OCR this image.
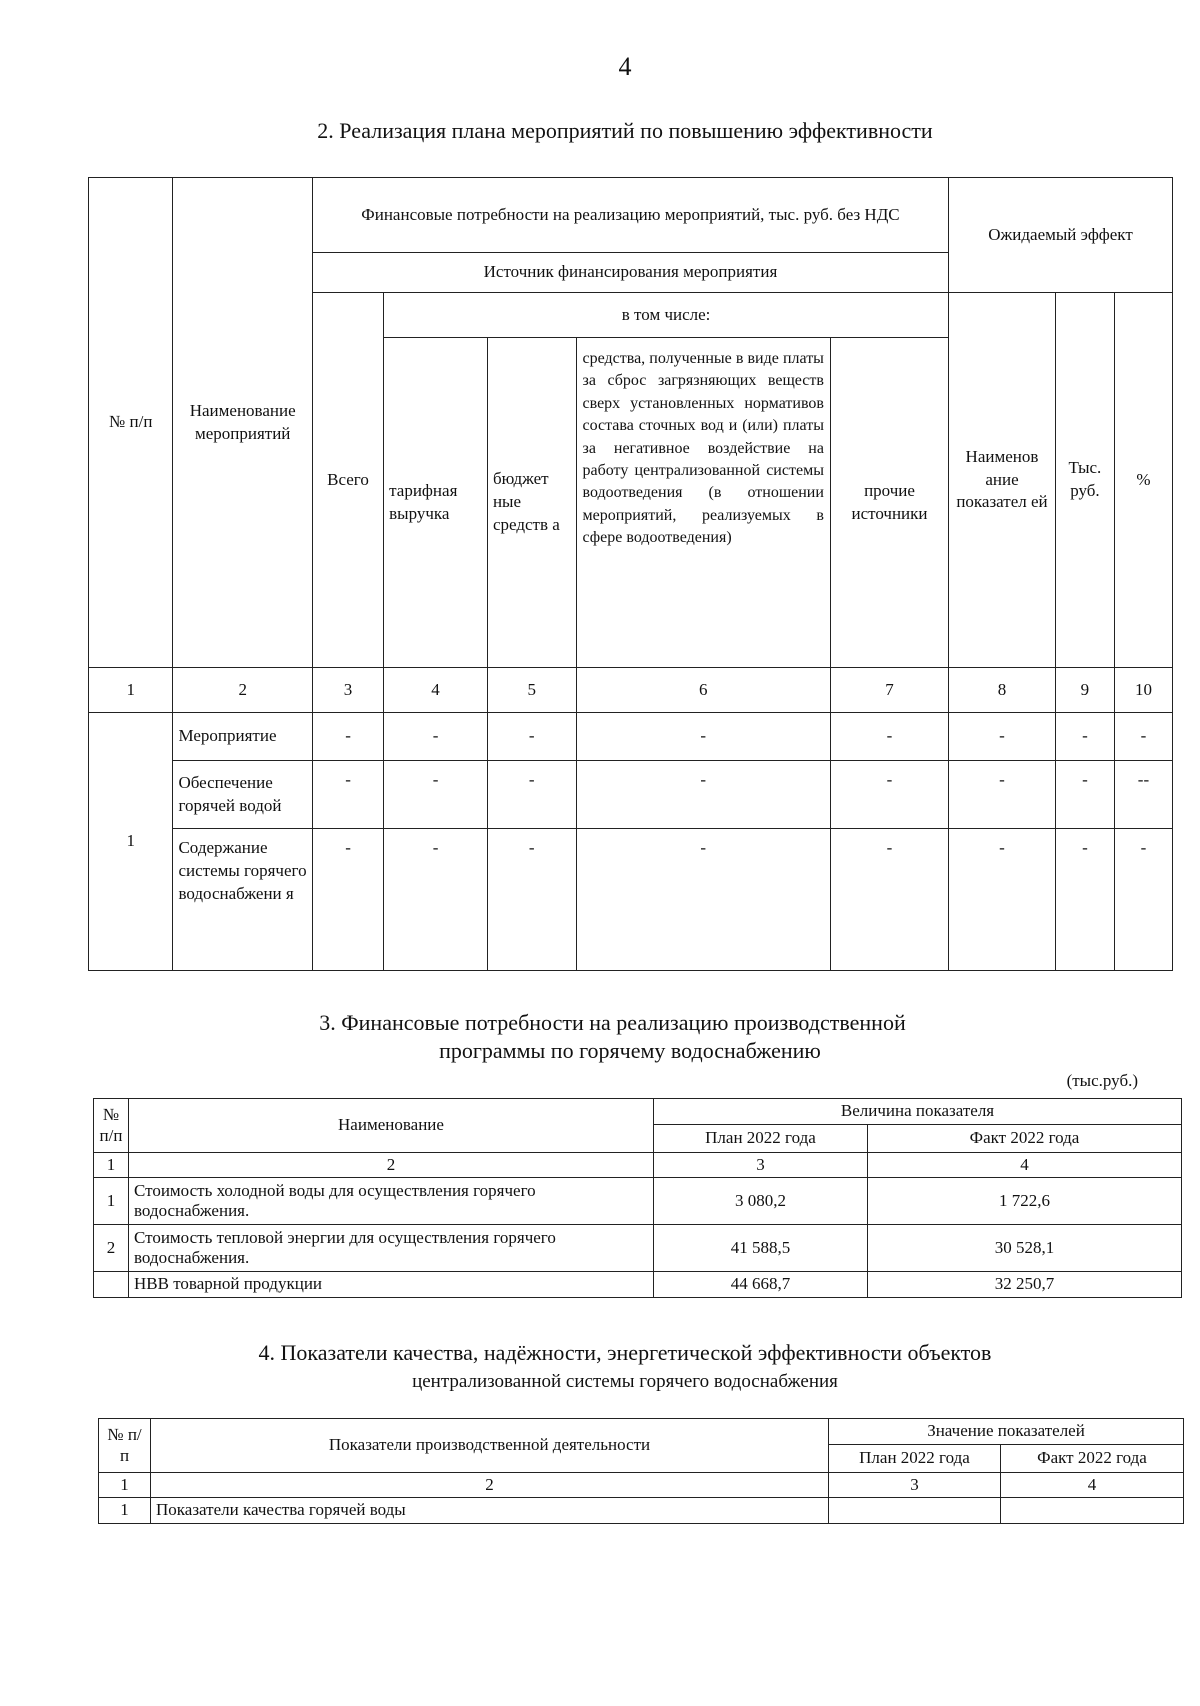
4
2. Реализация плана мероприятий по повышению эффективности
№ п/п	Наименование мероприятий	Финансовые потребности на реализацию мероприятий, тыс. руб. без НДС					Ожидаемый эффект		
		Источник финансирования мероприятия							
		Всего	в том числе:				Наименов ание показател ей	Тыс. руб.	%
			тарифная выручка	бюджет ные средств а	средства, полученные в виде платы за сброс загрязняющих веществ сверх установленных нормативов состава сточных вод и (или) платы за негативное воздействие на работу централизованной системы водоотведения (в отношении мероприятий, реализуемых в сфере водоотведения)	прочие источники			
1	2	3	4	5	6	7	8	9	10
1	Мероприятие	-	-	-	-	-	-	-	-
	Обеспечение горячей водой	-	-	-	-	-	-	-	--
	Содержание системы горячего водоснабжени я	-	-	-	-	-	-	-	-
3. Финансовые потребности на реализацию производственной
программы по горячему водоснабжению
(тыс.руб.)
№ п/п	Наименование	Величина показателя	
		План 2022 года	Факт 2022 года
1	2	3	4
1	Стоимость холодной воды для осуществления горячего водоснабжения.	3 080,2	1 722,6
2	Стоимость тепловой энергии для осуществления горячего водоснабжения.	41 588,5	30 528,1
	НВВ товарной продукции	44 668,7	32 250,7
4. Показатели качества, надёжности, энергетической эффективности объектов
централизованной системы горячего водоснабжения
№ п/п	Показатели производственной деятельности	Значение показателей	
		План 2022 года	Факт 2022 года
1	2	3	4
1	Показатели качества горячей воды		
